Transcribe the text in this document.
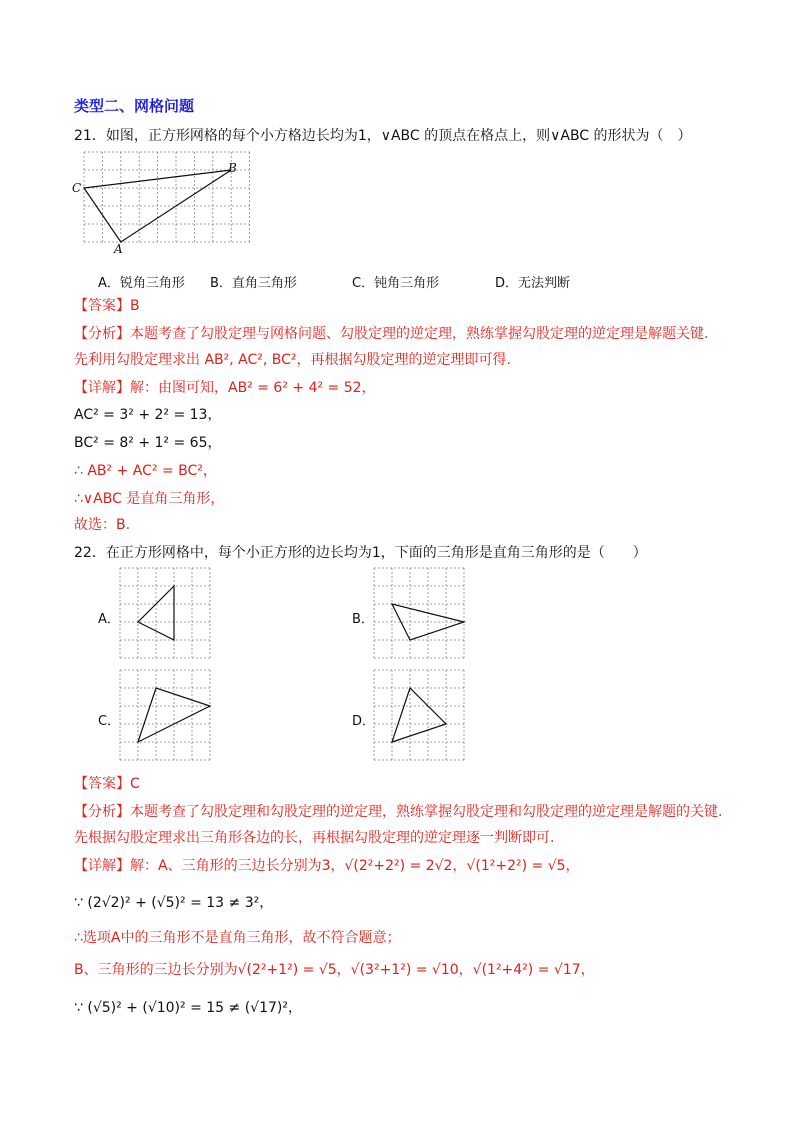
类型二、网格问题
21．如图，正方形网格的每个小方格边长均为1，∨ABC 的顶点在格点上，则∨ABC 的形状为（　）
C
A
B
A．锐角三角形 B．直角三角形	C．钝角三角形	D．无法判断
【答案】B
【分析】本题考查了勾股定理与网格问题、勾股定理的逆定理，熟练掌握勾股定理的逆定理是解题关键.
先利用勾股定理求出 AB², AC², BC²，再根据勾股定理的逆定理即可得.
【详解】解：由图可知，AB² = 6² + 4² = 52，
AC² = 3² + 2² = 13，
BC² = 8² + 1² = 65，
∴ AB² + AC² = BC²，
∴∨ABC 是直角三角形，
故选：B.
22．在正方形网格中，每个小正方形的边长均为1，下面的三角形是直角三角形的是（　　）
A．	B．
C．	D．
【答案】C
【分析】本题考查了勾股定理和勾股定理的逆定理，熟练掌握勾股定理和勾股定理的逆定理是解题的关键.
先根据勾股定理求出三角形各边的长，再根据勾股定理的逆定理逐一判断即可.
【详解】解：A、三角形的三边长分别为3，√(2²+2²) = 2√2，√(1²+2²) = √5，
∵ (2√2)² + (√5)² = 13 ≠ 3²，
∴选项A中的三角形不是直角三角形，故不符合题意；
B、三角形的三边长分别为√(2²+1²) = √5，√(3²+1²) = √10，√(1²+4²) = √17，
∵ (√5)² + (√10)² = 15 ≠ (√17)²，
